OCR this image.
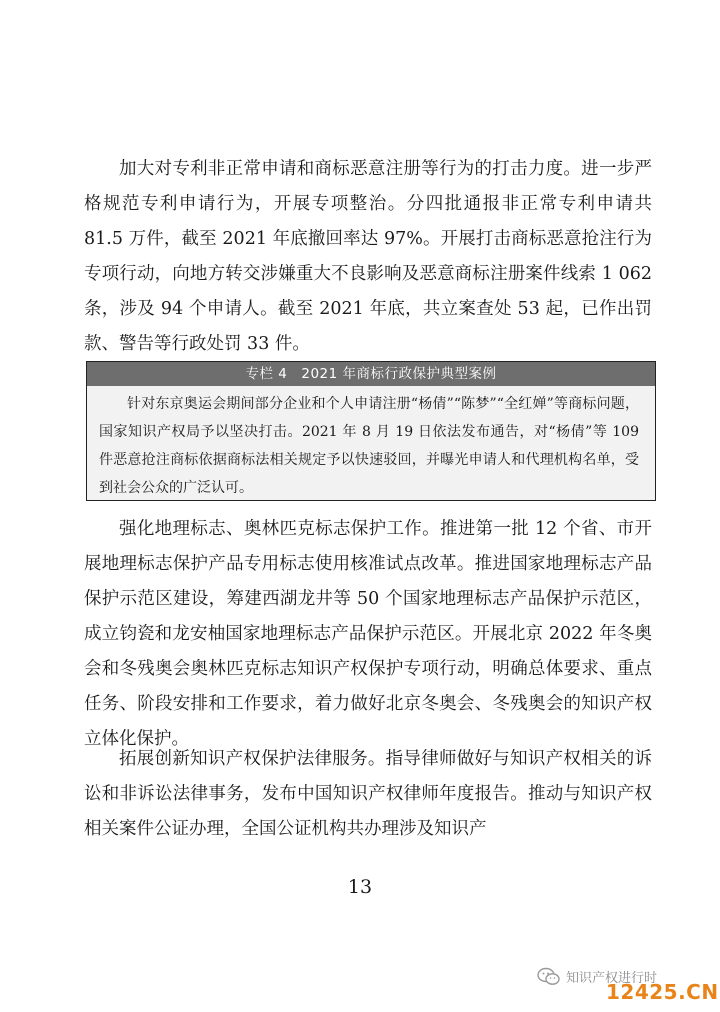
加大对专利非正常申请和商标恶意注册等行为的打击力度。进一步严格规范专利申请行为，开展专项整治。分四批通报非正常专利申请共 81.5 万件，截至 2021 年底撤回率达 97%。开展打击商标恶意抢注行为专项行动，向地方转交涉嫌重大不良影响及恶意商标注册案件线索 1 062 条，涉及 94 个申请人。截至 2021 年底，共立案查处 53 起，已作出罚款、警告等行政处罚 33 件。

专栏 4　2021 年商标行政保护典型案例
针对东京奥运会期间部分企业和个人申请注册“杨倩”“陈梦”“全红婵”等商标问题，国家知识产权局予以坚决打击。2021 年 8 月 19 日依法发布通告，对“杨倩”等 109 件恶意抢注商标依据商标法相关规定予以快速驳回，并曝光申请人和代理机构名单，受到社会公众的广泛认可。

强化地理标志、奥林匹克标志保护工作。推进第一批 12 个省、市开展地理标志保护产品专用标志使用核准试点改革。推进国家地理标志产品保护示范区建设，筹建西湖龙井等 50 个国家地理标志产品保护示范区，成立钧瓷和龙安柚国家地理标志产品保护示范区。开展北京 2022 年冬奥会和冬残奥会奥林匹克标志知识产权保护专项行动，明确总体要求、重点任务、阶段安排和工作要求，着力做好北京冬奥会、冬残奥会的知识产权立体化保护。

拓展创新知识产权保护法律服务。指导律师做好与知识产权相关的诉讼和非诉讼法律事务，发布中国知识产权律师年度报告。推动与知识产权相关案件公证办理，全国公证机构共办理涉及知识产

13
知识产权进行时
12425.CN
